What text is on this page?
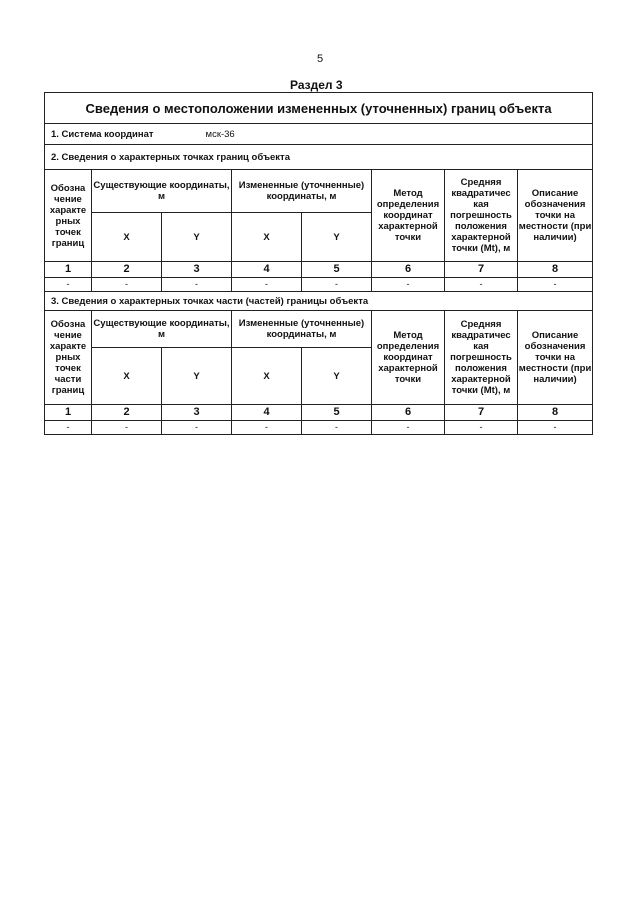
5
Раздел 3
Сведения о местоположении измененных (уточненных) границ объекта							
1. Система координат мск-36							
2. Сведения о характерных точках границ объекта							
Обозна чение характе рных точек границ	Существующие координаты, м		Измененные (уточненные) координаты, м		Метод определения координат характерной точки	Средняя квадратичес кая погрешность положения характерной точки (Mt), м	Описание обозначения точки на местности (при наличии)
	X	Y	X	Y			
1	2	3	4	5	6	7	8
-	-	-	-	-	-	-	-
3. Сведения о характерных точках части (частей) границы объекта							
Обозна чение характе рных точек части границ	Существующие координаты, м		Измененные (уточненные) координаты, м		Метод определения координат характерной точки	Средняя квадратичес кая погрешность положения характерной точки (Mt), м	Описание обозначения точки на местности (при наличии)
	X	Y	X	Y			
1	2	3	4	5	6	7	8
-	-	-	-	-	-	-	-
